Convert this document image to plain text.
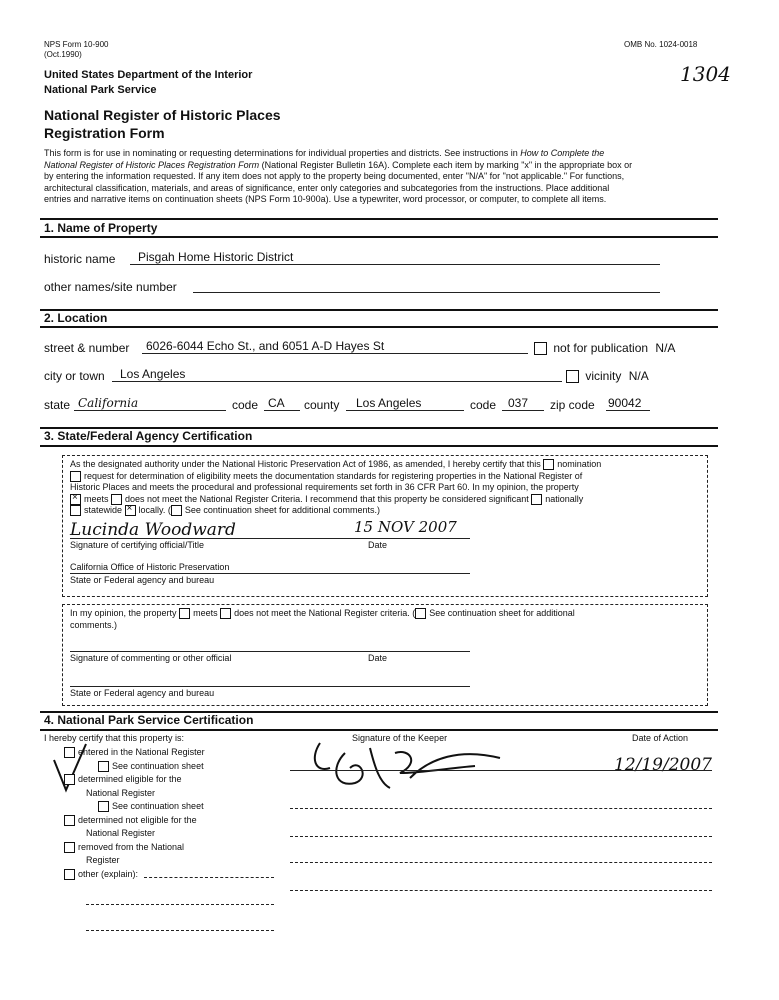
NPS Form 10-900
(Oct.1990)
OMB No. 1024-0018
1304
United States Department of the Interior
National Park Service
National Register of Historic Places
Registration Form
This form is for use in nominating or requesting determinations for individual properties and districts. See instructions in How to Complete the
National Register of Historic Places Registration Form (National Register Bulletin 16A). Complete each item by marking "x" in the appropriate box or
by entering the information requested. If any item does not apply to the property being documented, enter "N/A" for "not applicable." For functions,
architectural classification, materials, and areas of significance, enter only categories and subcategories from the instructions. Place additional
entries and narrative items on continuation sheets (NPS Form 10-900a). Use a typewriter, word processor, or computer, to complete all items.
1. Name of Property
historic name Pisgah Home Historic District
other names/site number
2. Location
street & number 6026-6044 Echo St., and 6051 A-D Hayes St	not for publication N/A
city or town Los Angeles	vicinity N/A
state California	code CA county Los Angeles	code 037 zip code 90042
3. State/Federal Agency Certification
As the designated authority under the National Historic Preservation Act of 1986, as amended, I hereby certify that this nomination
request for determination of eligibility meets the documentation standards for registering properties in the National Register of
Historic Places and meets the procedural and professional requirements set forth in 36 CFR Part 60. In my opinion, the property
×meets does not meet the National Register Criteria. I recommend that this property be considered significant nationally
statewide × locally. ( See continuation sheet for additional comments.)
Lucinda Woodward	15 NOV 2007
Signature of certifying official/Title	Date
California Office of Historic Preservation
State or Federal agency and bureau
In my opinion, the property meets does not meet the National Register criteria. ( See continuation sheet for additional
comments.)
Signature of commenting or other official	Date
State or Federal agency and bureau
4. National Park Service Certification
I hereby certify that this property is:	Signature of the Keeper	Date of Action
12/19/2007
entered in the National Register
See continuation sheet
determined eligible for the
National Register
See continuation sheet
determined not eligible for the
National Register
removed from the National
Register
other (explain):
